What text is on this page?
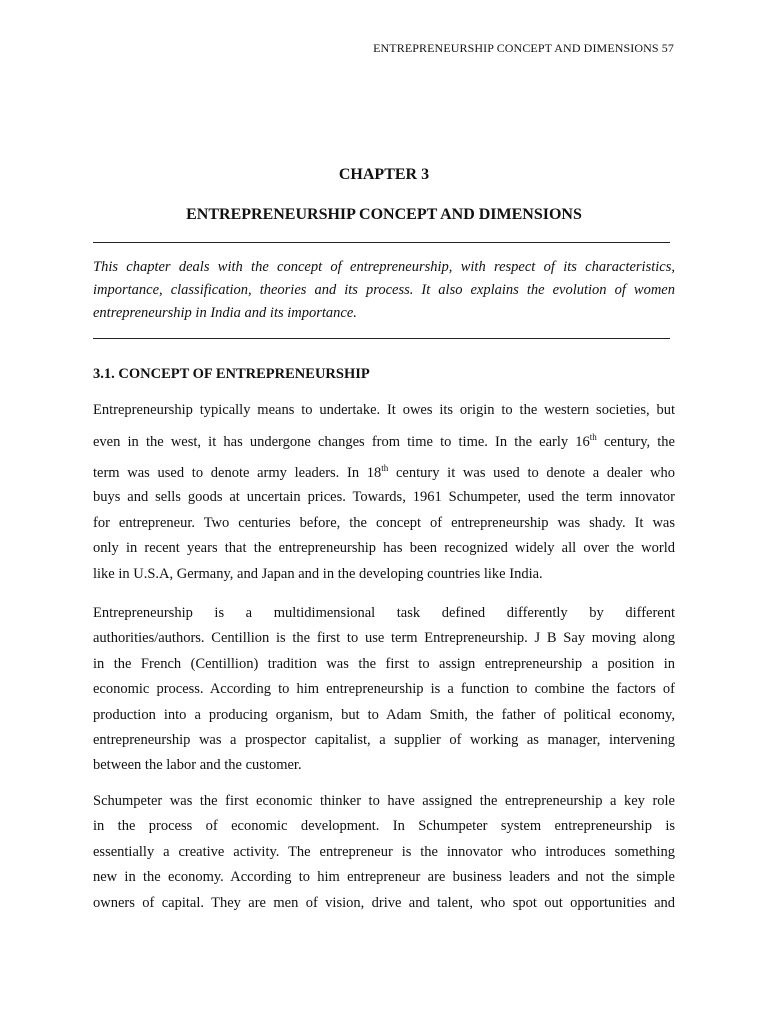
ENTREPRENEURSHIP CONCEPT AND DIMENSIONS 57
CHAPTER 3
ENTREPRENEURSHIP CONCEPT AND DIMENSIONS
This chapter deals with the concept of entrepreneurship, with respect of its characteristics,
importance, classification, theories and its process. It also explains the evolution of women
entrepreneurship in India and its importance.
3.1. CONCEPT OF ENTREPRENEURSHIP
Entrepreneurship typically means to undertake. It owes its origin to the western societies, but
even in the west, it has undergone changes from time to time. In the early 16th century, the
term was used to denote army leaders. In 18th century it was used to denote a dealer who
buys and sells goods at uncertain prices. Towards, 1961 Schumpeter, used the term innovator
for entrepreneur. Two centuries before, the concept of entrepreneurship was shady. It was
only in recent years that the entrepreneurship has been recognized widely all over the world
like in U.S.A, Germany, and Japan and in the developing countries like India.
Entrepreneurship is a multidimensional task defined differently by different
authorities/authors. Centillion is the first to use term Entrepreneurship. J B Say moving along
in the French (Centillion) tradition was the first to assign entrepreneurship a position in
economic process. According to him entrepreneurship is a function to combine the factors of
production into a producing organism, but to Adam Smith, the father of political economy,
entrepreneurship was a prospector capitalist, a supplier of working as manager, intervening
between the labor and the customer.
Schumpeter was the first economic thinker to have assigned the entrepreneurship a key role
in the process of economic development. In Schumpeter system entrepreneurship is
essentially a creative activity. The entrepreneur is the innovator who introduces something
new in the economy. According to him entrepreneur are business leaders and not the simple
owners of capital. They are men of vision, drive and talent, who spot out opportunities and
